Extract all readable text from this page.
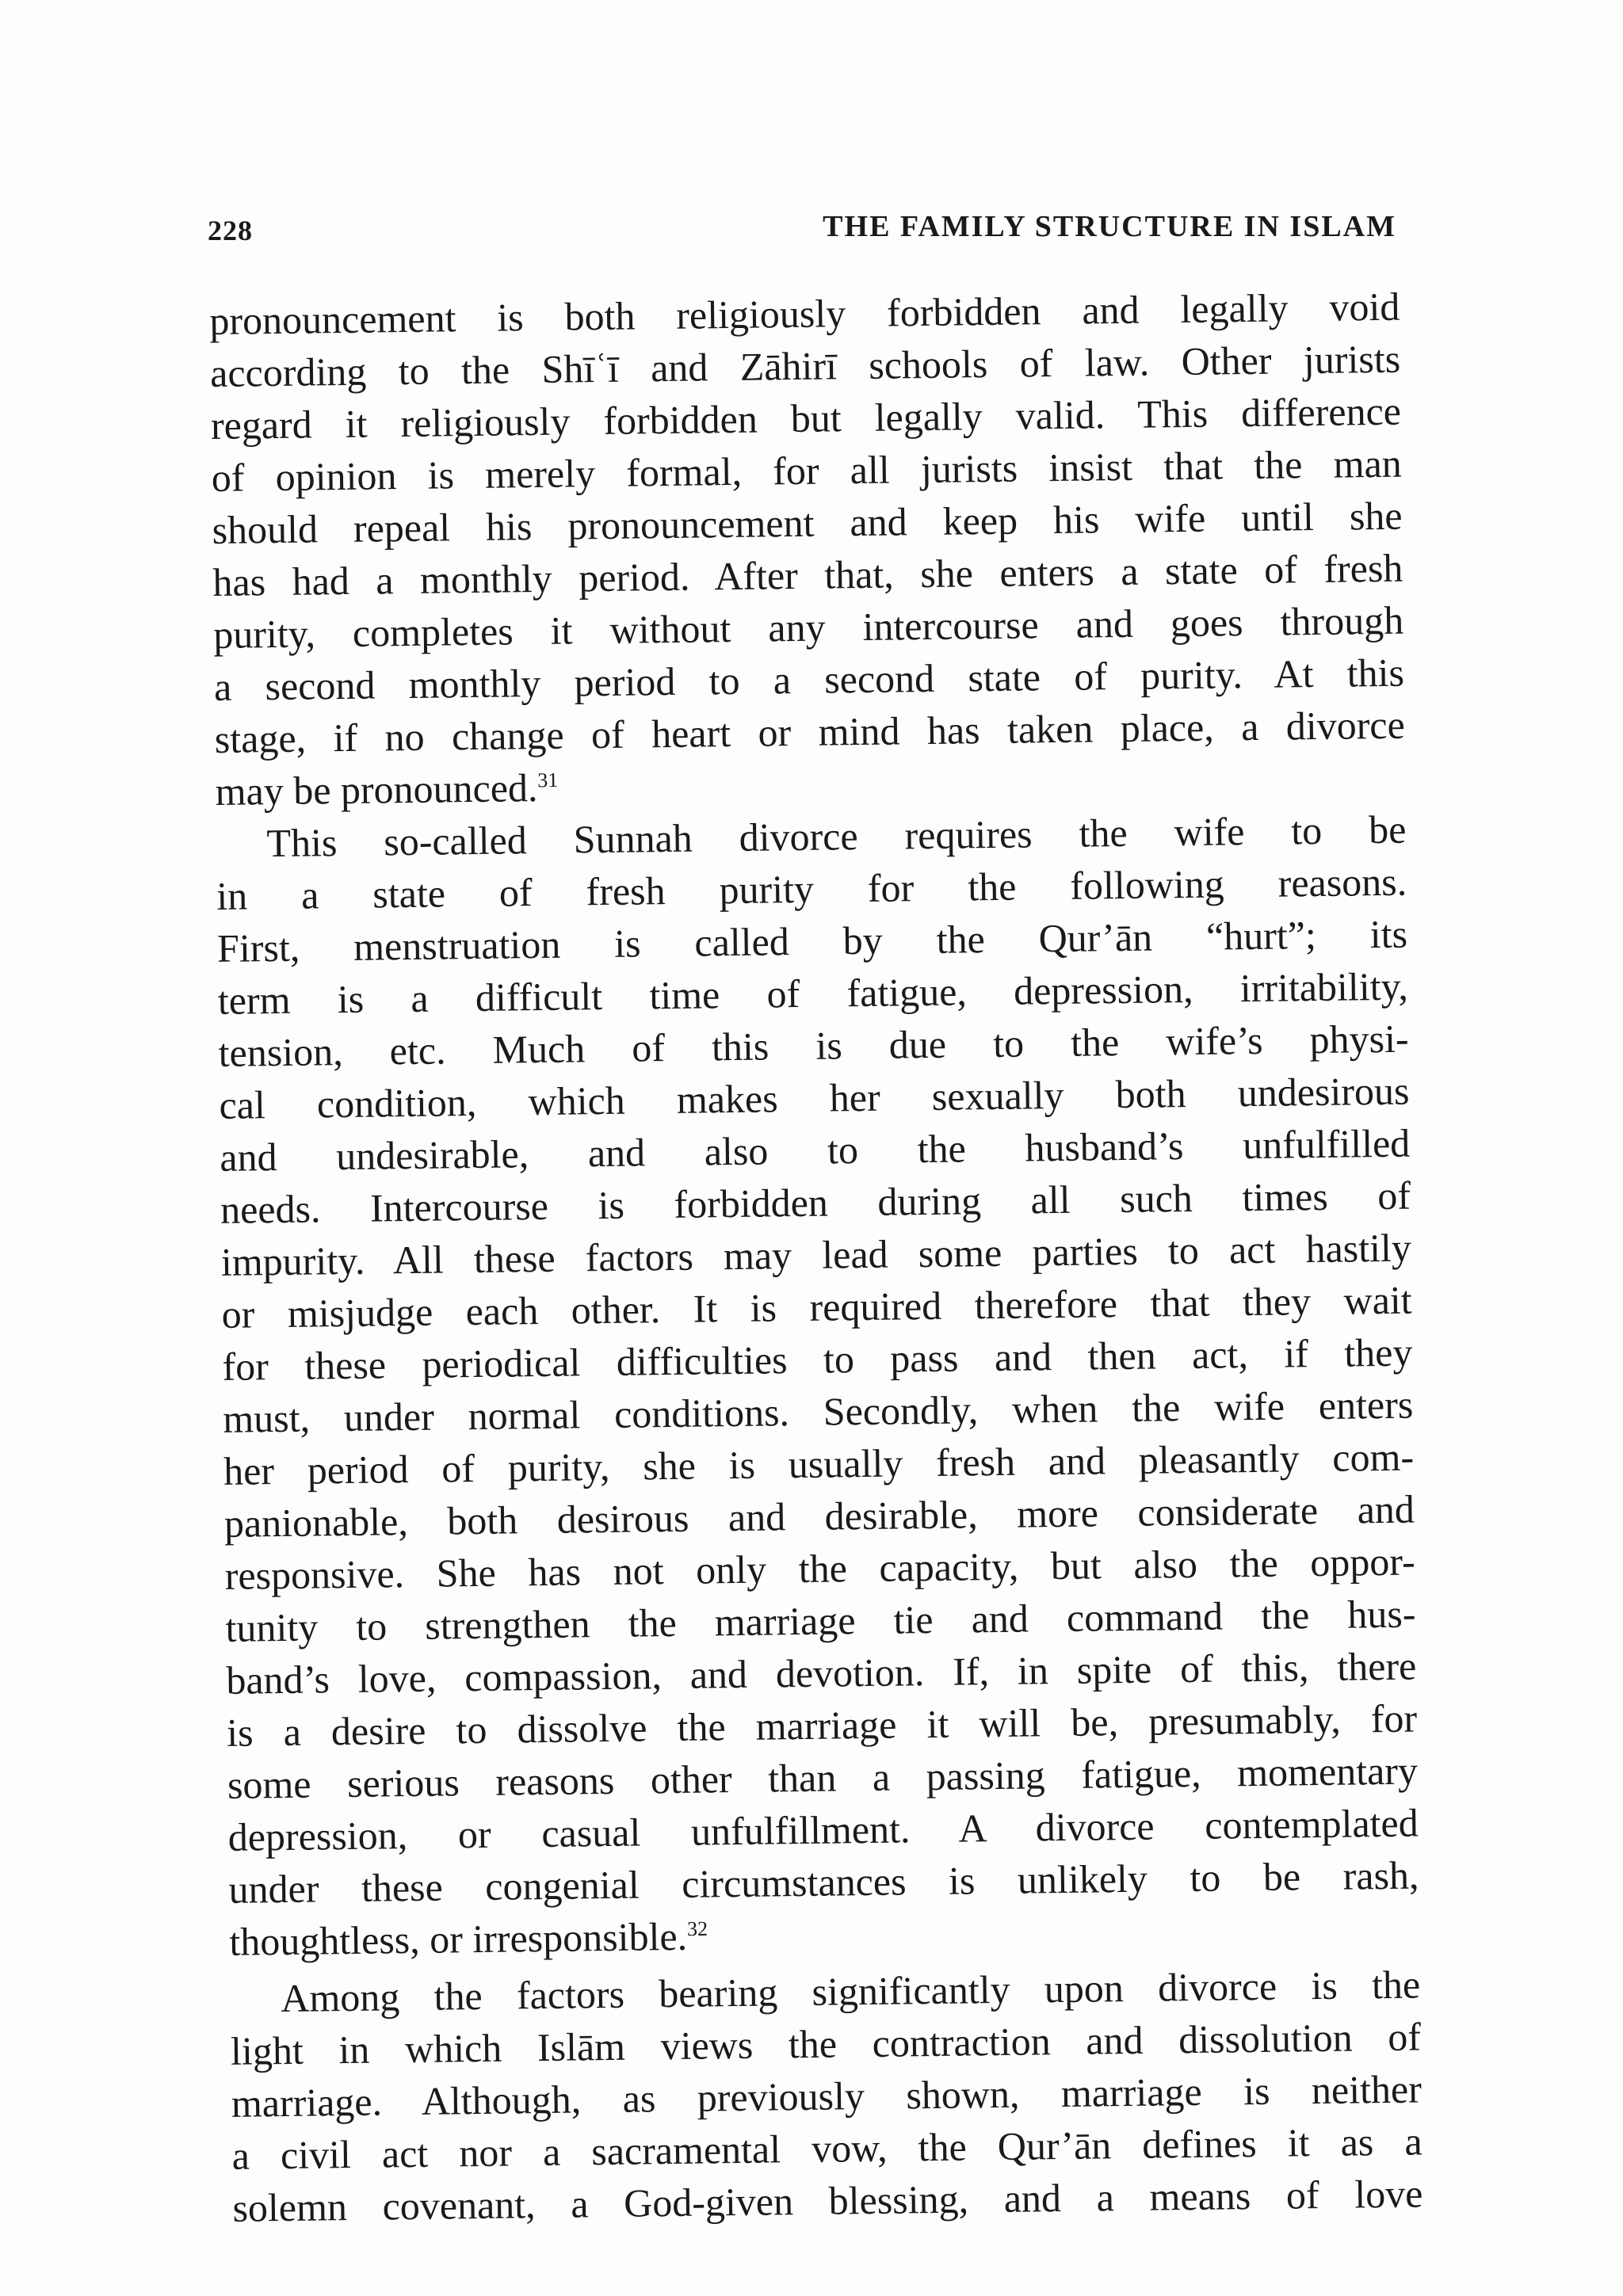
228	THE FAMILY STRUCTURE IN ISLAM
pronouncement is both religiously forbidden and legally void
according to the Shīʿī and Zāhirī schools of law. Other jurists
regard it religiously forbidden but legally valid. This difference
of opinion is merely formal, for all jurists insist that the man
should repeal his pronouncement and keep his wife until she
has had a monthly period. After that, she enters a state of fresh
purity, completes it without any intercourse and goes through
a second monthly period to a second state of purity. At this
stage, if no change of heart or mind has taken place, a divorce
may be pronounced.$^{31}$
This so-called Sunnah divorce requires the wife to be
in a state of fresh purity for the following reasons.
First, menstruation is called by the Qur’ān “hurt”; its
term is a difficult time of fatigue, depression, irritability,
tension, etc. Much of this is due to the wife’s physi-
cal condition, which makes her sexually both undesirous
and undesirable, and also to the husband’s unfulfilled
needs. Intercourse is forbidden during all such times of
impurity. All these factors may lead some parties to act hastily
or misjudge each other. It is required therefore that they wait
for these periodical difficulties to pass and then act, if they
must, under normal conditions. Secondly, when the wife enters
her period of purity, she is usually fresh and pleasantly com-
panionable, both desirous and desirable, more considerate and
responsive. She has not only the capacity, but also the oppor-
tunity to strengthen the marriage tie and command the hus-
band’s love, compassion, and devotion. If, in spite of this, there
is a desire to dissolve the marriage it will be, presumably, for
some serious reasons other than a passing fatigue, momentary
depression, or casual unfulfillment. A divorce contemplated
under these congenial circumstances is unlikely to be rash,
thoughtless, or irresponsible.$^{32}$
Among the factors bearing significantly upon divorce is the
light in which Islām views the contraction and dissolution of
marriage. Although, as previously shown, marriage is neither
a civil act nor a sacramental vow, the Qur’ān defines it as a
solemn covenant, a God-given blessing, and a means of love
